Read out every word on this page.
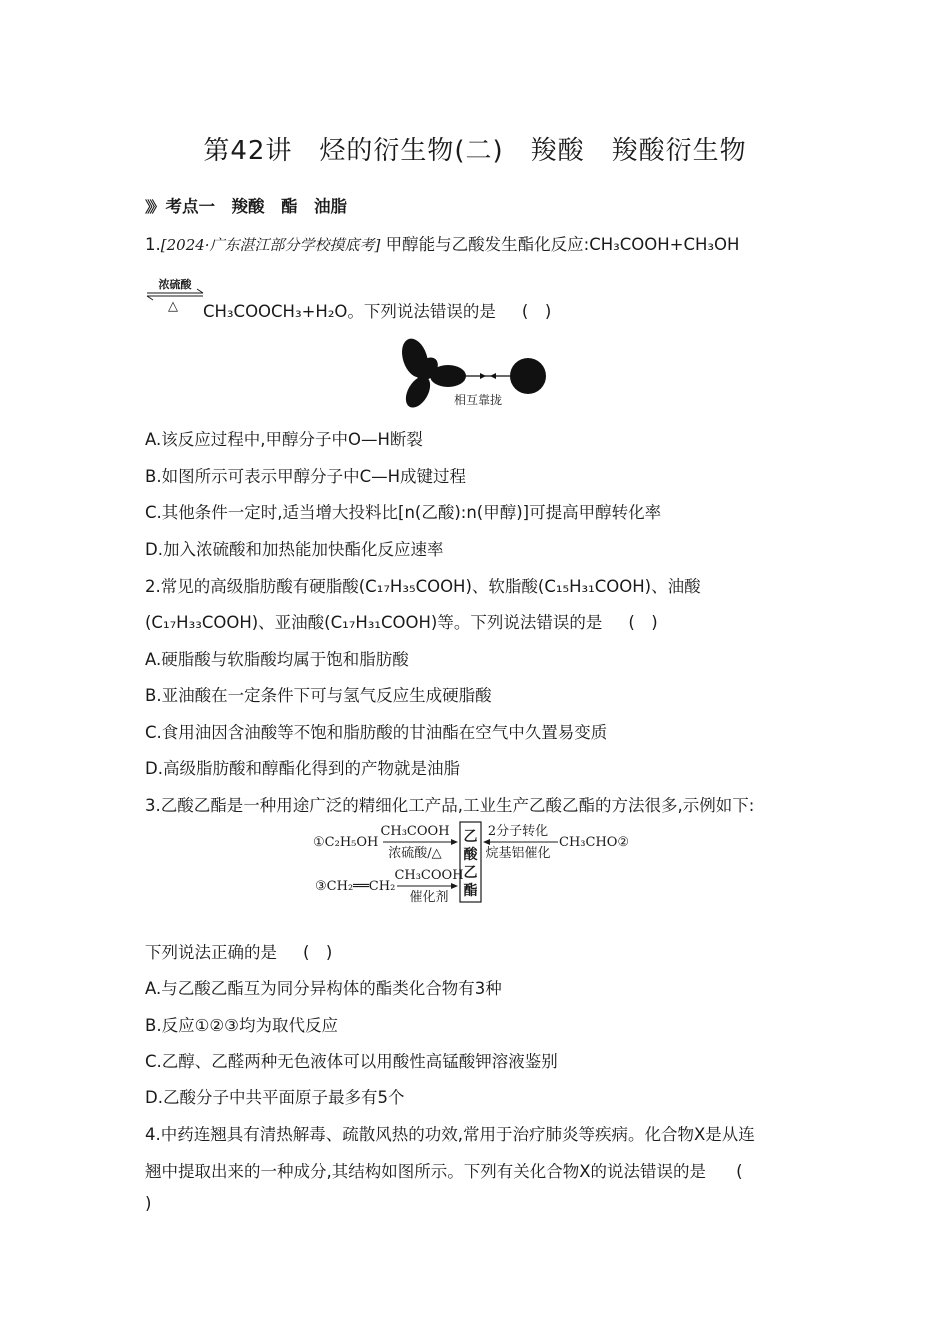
第42讲　烃的衍生物(二)　羧酸　羧酸衍生物
》》 考点一　羧酸　酯　油脂
1.[2024·广东湛江部分学校摸底考] 甲醇能与乙酸发生酯化反应:CH₃COOH+CH₃OH
浓硫酸
△ CH₃COOCH₃+H₂O。下列说法错误的是 (　)
相互靠拢
A.该反应过程中,甲醇分子中O—H断裂
B.如图所示可表示甲醇分子中C—H成键过程
C.其他条件一定时,适当增大投料比[n(乙酸):n(甲醇)]可提高甲醇转化率
D.加入浓硫酸和加热能加快酯化反应速率
2.常见的高级脂肪酸有硬脂酸(C₁₇H₃₅COOH)、软脂酸(C₁₅H₃₁COOH)、油酸
(C₁₇H₃₃COOH)、亚油酸(C₁₇H₃₁COOH)等。下列说法错误的是 (　)
A.硬脂酸与软脂酸均属于饱和脂肪酸
B.亚油酸在一定条件下可与氢气反应生成硬脂酸
C.食用油因含油酸等不饱和脂肪酸的甘油酯在空气中久置易变质
D.高级脂肪酸和醇酯化得到的产物就是油脂
3.乙酸乙酯是一种用途广泛的精细化工产品,工业生产乙酸乙酯的方法很多,示例如下:
①C₂H₅OH
CH₃COOH
浓硫酸/△
2分子转化
烷基铝催化
CH₃CHO②
③CH₂══CH₂
CH₃COOH
催化剂
乙
酸
乙
酯
下列说法正确的是 (　)
A.与乙酸乙酯互为同分异构体的酯类化合物有3种
B.反应①②③均为取代反应
C.乙醇、乙醛两种无色液体可以用酸性高锰酸钾溶液鉴别
D.乙酸分子中共平面原子最多有5个
4.中药连翘具有清热解毒、疏散风热的功效,常用于治疗肺炎等疾病。化合物X是从连
翘中提取出来的一种成分,其结构如图所示。下列有关化合物X的说法错误的是 (
)
